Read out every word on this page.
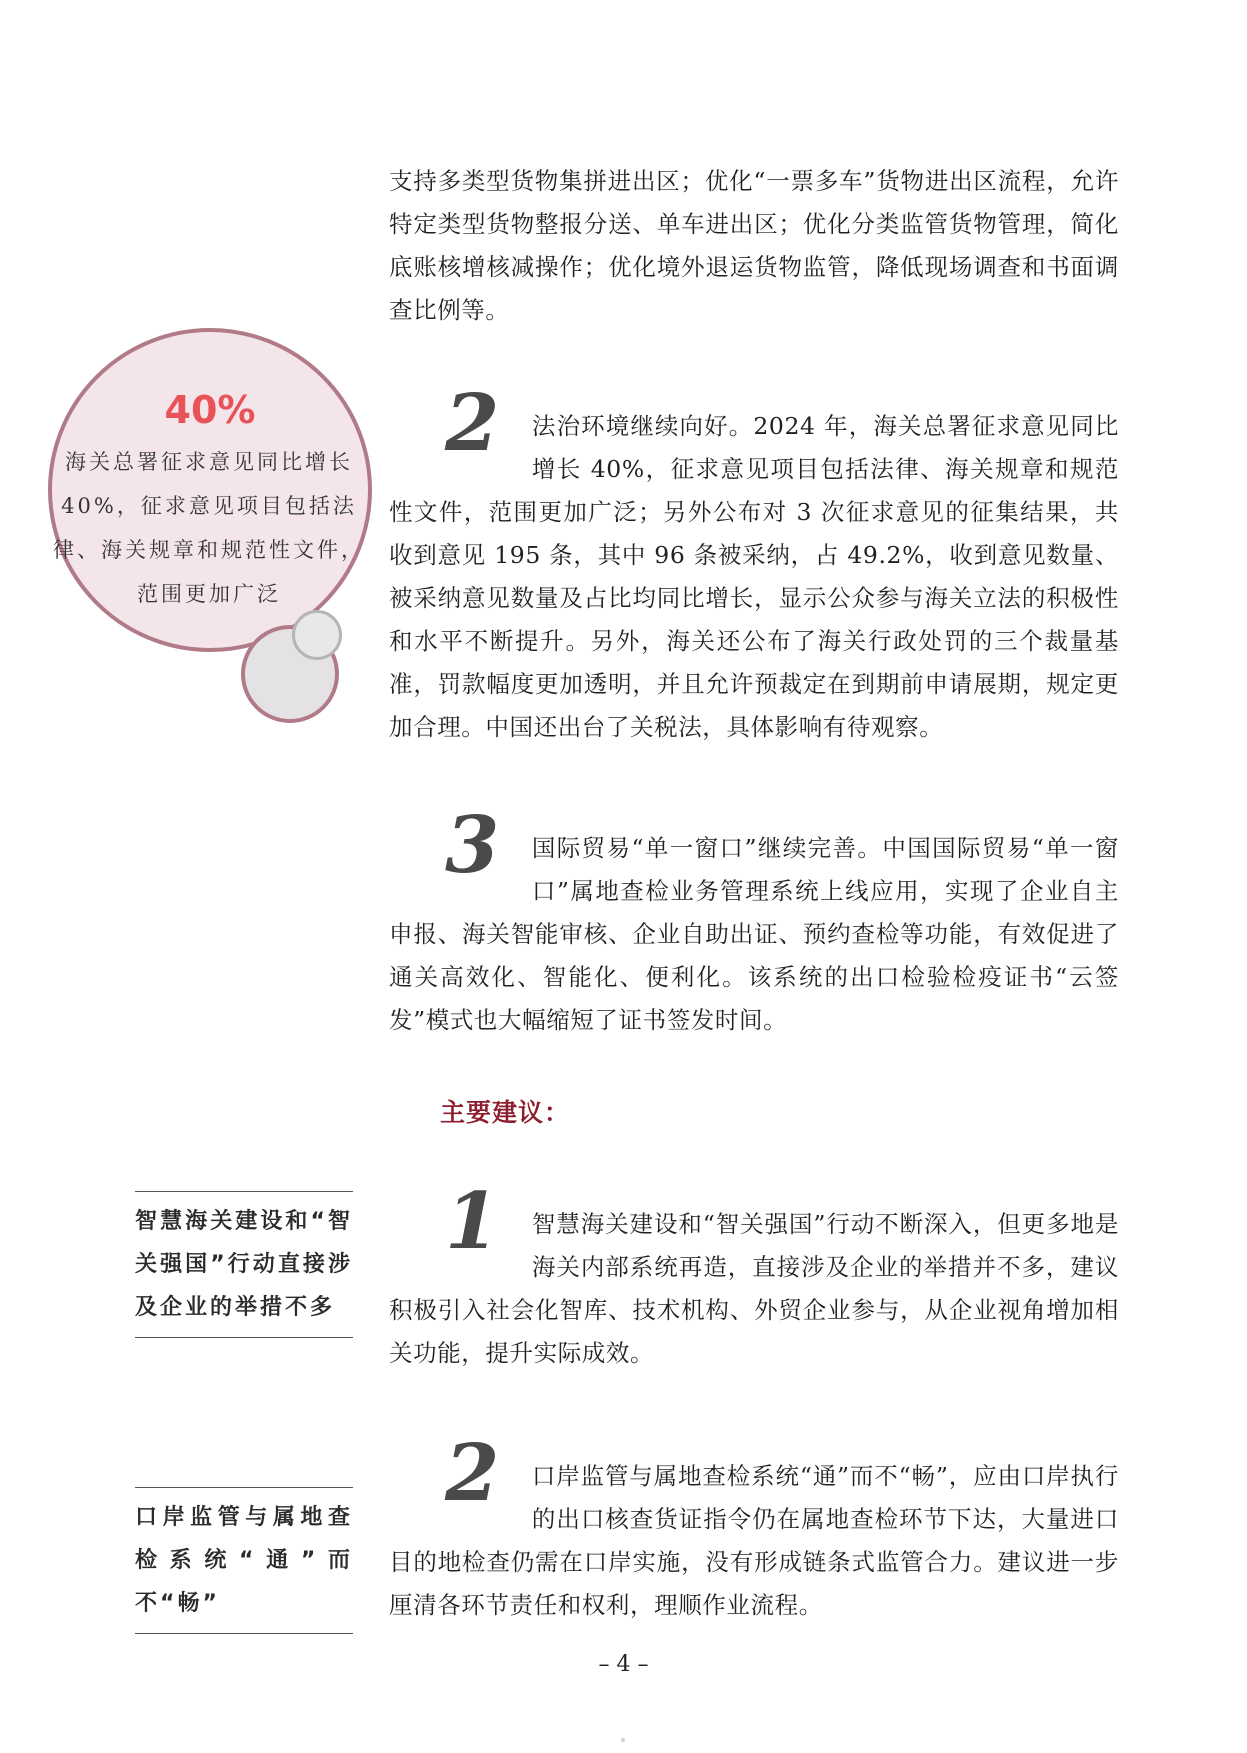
支持多类型货物集拼进出区；优化“一票多车”货物进出区流程，允许特定类型货物整报分送、单车进出区；优化分类监管货物管理，简化底账核增核减操作；优化境外退运货物监管，降低现场调查和书面调查比例等。
40%
海关总署征求意见同比增长40%，征求意见项目包括法律、海关规章和规范性文件，范围更加广泛
2 法治环境继续向好。2024 年，海关总署征求意见同比增长 40%，征求意见项目包括法律、海关规章和规范性文件，范围更加广泛；另外公布对 3 次征求意见的征集结果，共收到意见 195 条，其中 96 条被采纳，占 49.2%，收到意见数量、被采纳意见数量及占比均同比增长，显示公众参与海关立法的积极性和水平不断提升。另外，海关还公布了海关行政处罚的三个裁量基准，罚款幅度更加透明，并且允许预裁定在到期前申请展期，规定更加合理。中国还出台了关税法，具体影响有待观察。
3 国际贸易“单一窗口”继续完善。中国国际贸易“单一窗口”属地查检业务管理系统上线应用，实现了企业自主申报、海关智能审核、企业自助出证、预约查检等功能，有效促进了通关高效化、智能化、便利化。该系统的出口检验检疫证书“云签发”模式也大幅缩短了证书签发时间。
主要建议：
智慧海关建设和“智关强国”行动直接涉及企业的举措不多
1 智慧海关建设和“智关强国”行动不断深入，但更多地是海关内部系统再造，直接涉及企业的举措并不多，建议积极引入社会化智库、技术机构、外贸企业参与，从企业视角增加相关功能，提升实际成效。
口岸监管与属地查检系统“通”而不“畅”
2 口岸监管与属地查检系统“通”而不“畅”，应由口岸执行的出口核查货证指令仍在属地查检环节下达，大量进口目的地检查仍需在口岸实施，没有形成链条式监管合力。建议进一步厘清各环节责任和权利，理顺作业流程。
– 4 –
